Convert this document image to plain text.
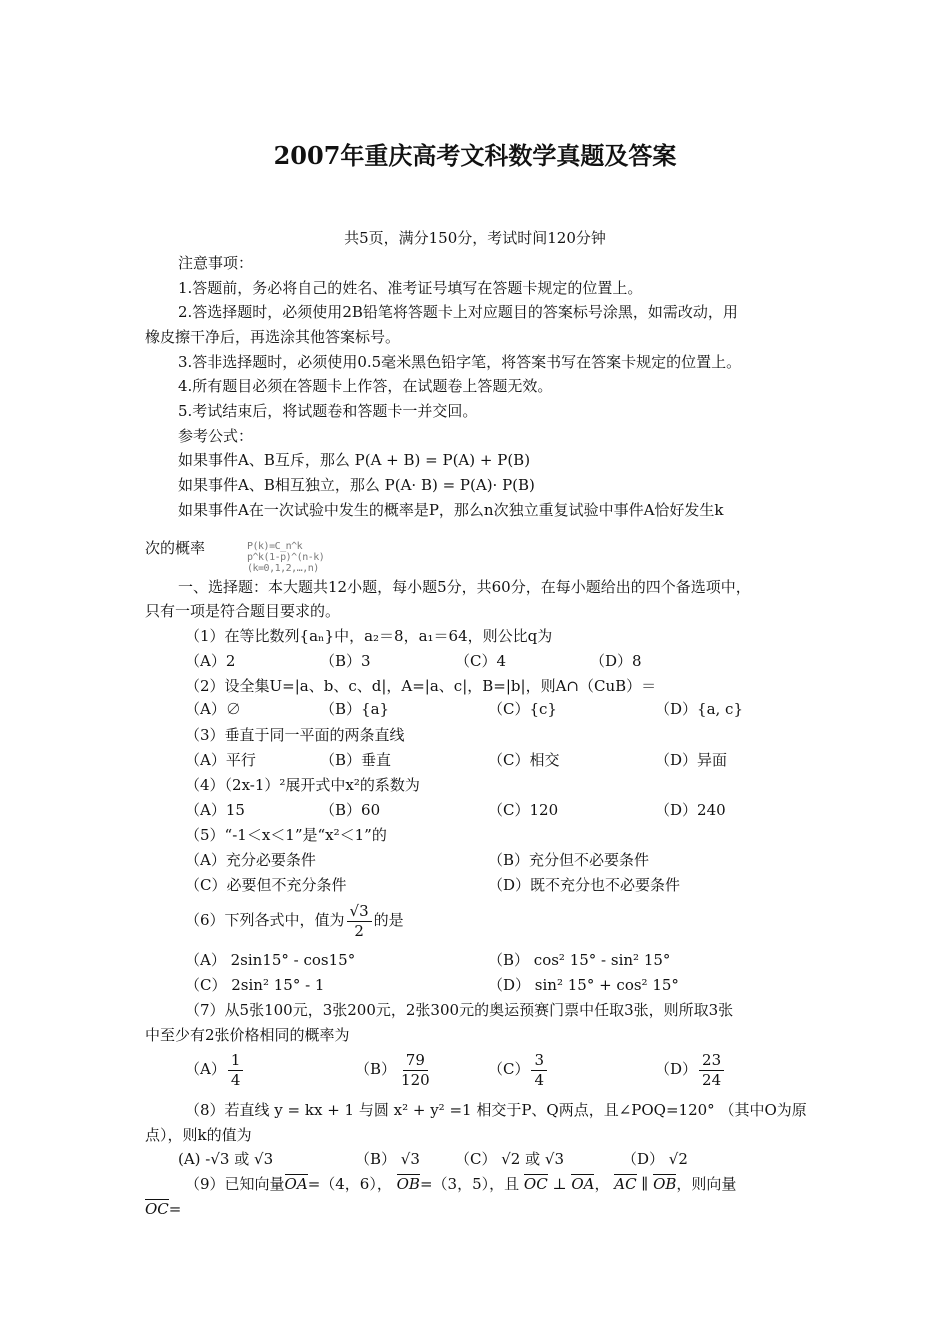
2007年重庆高考文科数学真题及答案
共5页，满分150分，考试时间120分钟
注意事项：
1.答题前，务必将自己的姓名、准考证号填写在答题卡规定的位置上。
2.答选择题时，必须使用2B铅笔将答题卡上对应题目的答案标号涂黑，如需改动，用
橡皮擦干净后，再选涂其他答案标号。
3.答非选择题时，必须使用0.5毫米黑色铅字笔，将答案书写在答案卡规定的位置上。
4.所有题目必须在答题卡上作答，在试题卷上答题无效。
5.考试结束后，将试题卷和答题卡一并交回。
参考公式：
如果事件A、B互斥，那么 P(A + B) = P(A) + P(B)
如果事件A、B相互独立，那么 P(A· B) = P(A)· P(B)
如果事件A在一次试验中发生的概率是P，那么n次独立重复试验中事件A恰好发生k
次的概率	P(k)=C_n^k p^k(1-p)^(n-k) (k=0,1,2,…,n)
一、选择题：本大题共12小题，每小题5分，共60分，在每小题给出的四个备选项中，
只有一项是符合题目要求的。
（1）在等比数列{aₙ}中，a₂＝8，a₁＝64，则公比q为
（A）2	（B）3	（C）4	（D）8
（2）设全集U=|a、b、c、d|，A=|a、c|，B=|b|，则A∩（CuB）＝
（A）∅	（B）{a}	（C）{c}	（D）{a, c}
（3）垂直于同一平面的两条直线
（A）平行	（B）垂直	（C）相交	（D）异面
（4）（2x-1）²展开式中x²的系数为
（A）15	（B）60	（C）120	（D）240
（5）“-1＜x＜1”是“x²＜1”的
（A）充分必要条件	（B）充分但不必要条件
（C）必要但不充分条件	（D）既不充分也不必要条件
（6）下列各式中，值为 $\frac{√3}{2}$ 的是
（A） 2sin15° - cos15°	（B） cos² 15° - sin² 15°
（C） 2sin² 15° - 1	（D） sin² 15° + cos² 15°
（7）从5张100元，3张200元，2张300元的奥运预赛门票中任取3张，则所取3张
中至少有2张价格相同的概率为
$(A) \frac{1}{4}$	$(B) \frac{79}{120}$	$(C) \frac{3}{4}$	$(D) \frac{23}{24}$
（8）若直线 y = kx + 1 与圆 x² + y² =1 相交于P、Q两点，且∠POQ=120° （其中O为原
点），则k的值为
(A) -√3 或 √3	（B） √3 （C） √2 或 √3	（D） √2
（9）已知向量OA=（4，6）， OB=（3，5），且 OC ⊥ OA， AC ∥ OB，则向量
OC=
